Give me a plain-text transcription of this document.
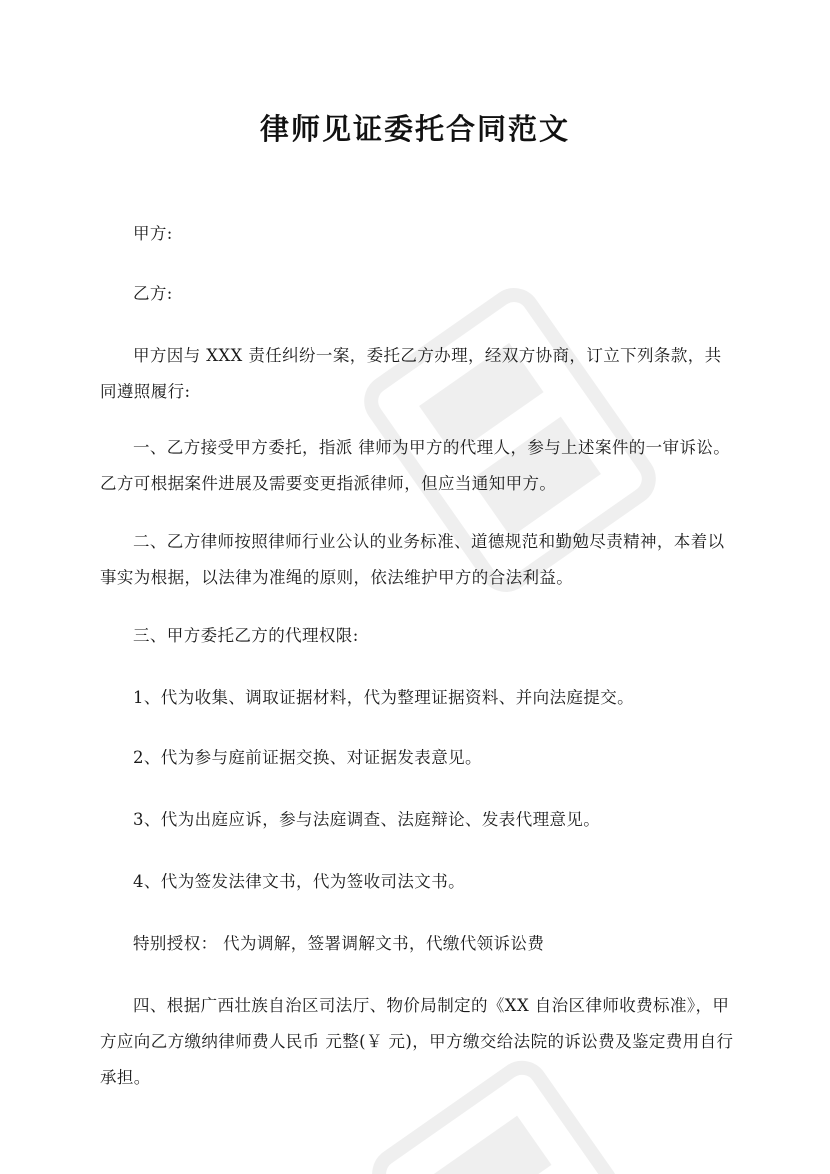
律师见证委托合同范文

甲方:

乙方:

甲方因与 XXX 责任纠纷一案，委托乙方办理，经双方协商，订立下列条款，共同遵照履行:

一、乙方接受甲方委托，指派 律师为甲方的代理人，参与上述案件的一审诉讼。乙方可根据案件进展及需要变更指派律师，但应当通知甲方。

二、乙方律师按照律师行业公认的业务标准、道德规范和勤勉尽责精神，本着以事实为根据，以法律为准绳的原则，依法维护甲方的合法利益。

三、甲方委托乙方的代理权限:

1、代为收集、调取证据材料，代为整理证据资料、并向法庭提交。

2、代为参与庭前证据交换、对证据发表意见。

3、代为出庭应诉，参与法庭调查、法庭辩论、发表代理意见。

4、代为签发法律文书，代为签收司法文书。

特别授权： 代为调解，签署调解文书，代缴代领诉讼费

四、根据广西壮族自治区司法厅、物价局制定的《XX 自治区律师收费标准》，甲方应向乙方缴纳律师费人民币 元整(￥ 元)，甲方缴交给法院的诉讼费及鉴定费用自行承担。
